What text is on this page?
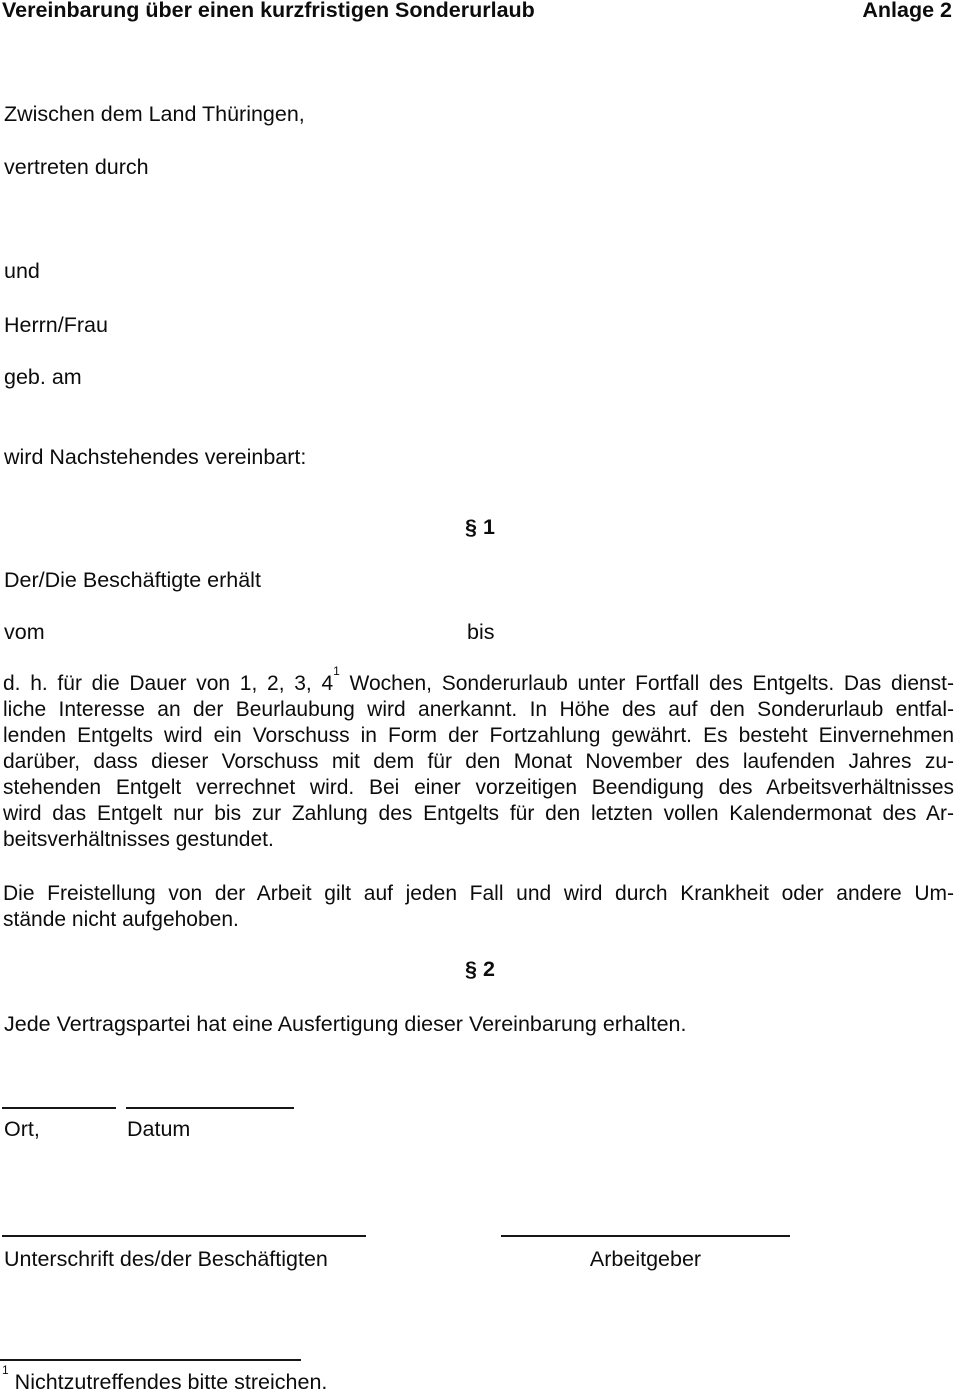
Vereinbarung über einen kurzfristigen Sonderurlaub	Anlage 2
Zwischen dem Land Thüringen,
vertreten durch
und
Herrn/Frau
geb. am
wird Nachstehendes vereinbart:
§ 1
Der/Die Beschäftigte erhält
vom	bis
d. h. für die Dauer von 1, 2, 3, 4$^1$ Wochen, Sonderurlaub unter Fortfall des Entgelts. Das dienst-
liche Interesse an der Beurlaubung wird anerkannt. In Höhe des auf den Sonderurlaub entfal-
lenden Entgelts wird ein Vorschuss in Form der Fortzahlung gewährt. Es besteht Einvernehmen
darüber, dass dieser Vorschuss mit dem für den Monat November des laufenden Jahres zu-
stehenden Entgelt verrechnet wird. Bei einer vorzeitigen Beendigung des Arbeitsverhältnisses
wird das Entgelt nur bis zur Zahlung des Entgelts für den letzten vollen Kalendermonat des Ar-
beitsverhältnisses gestundet.
Die Freistellung von der Arbeit gilt auf jeden Fall und wird durch Krankheit oder andere Um-
stände nicht aufgehoben.
§ 2
Jede Vertragspartei hat eine Ausfertigung dieser Vereinbarung erhalten.
Ort,	Datum
Unterschrift des/der Beschäftigten	Arbeitgeber
$^1$ Nichtzutreffendes bitte streichen.
